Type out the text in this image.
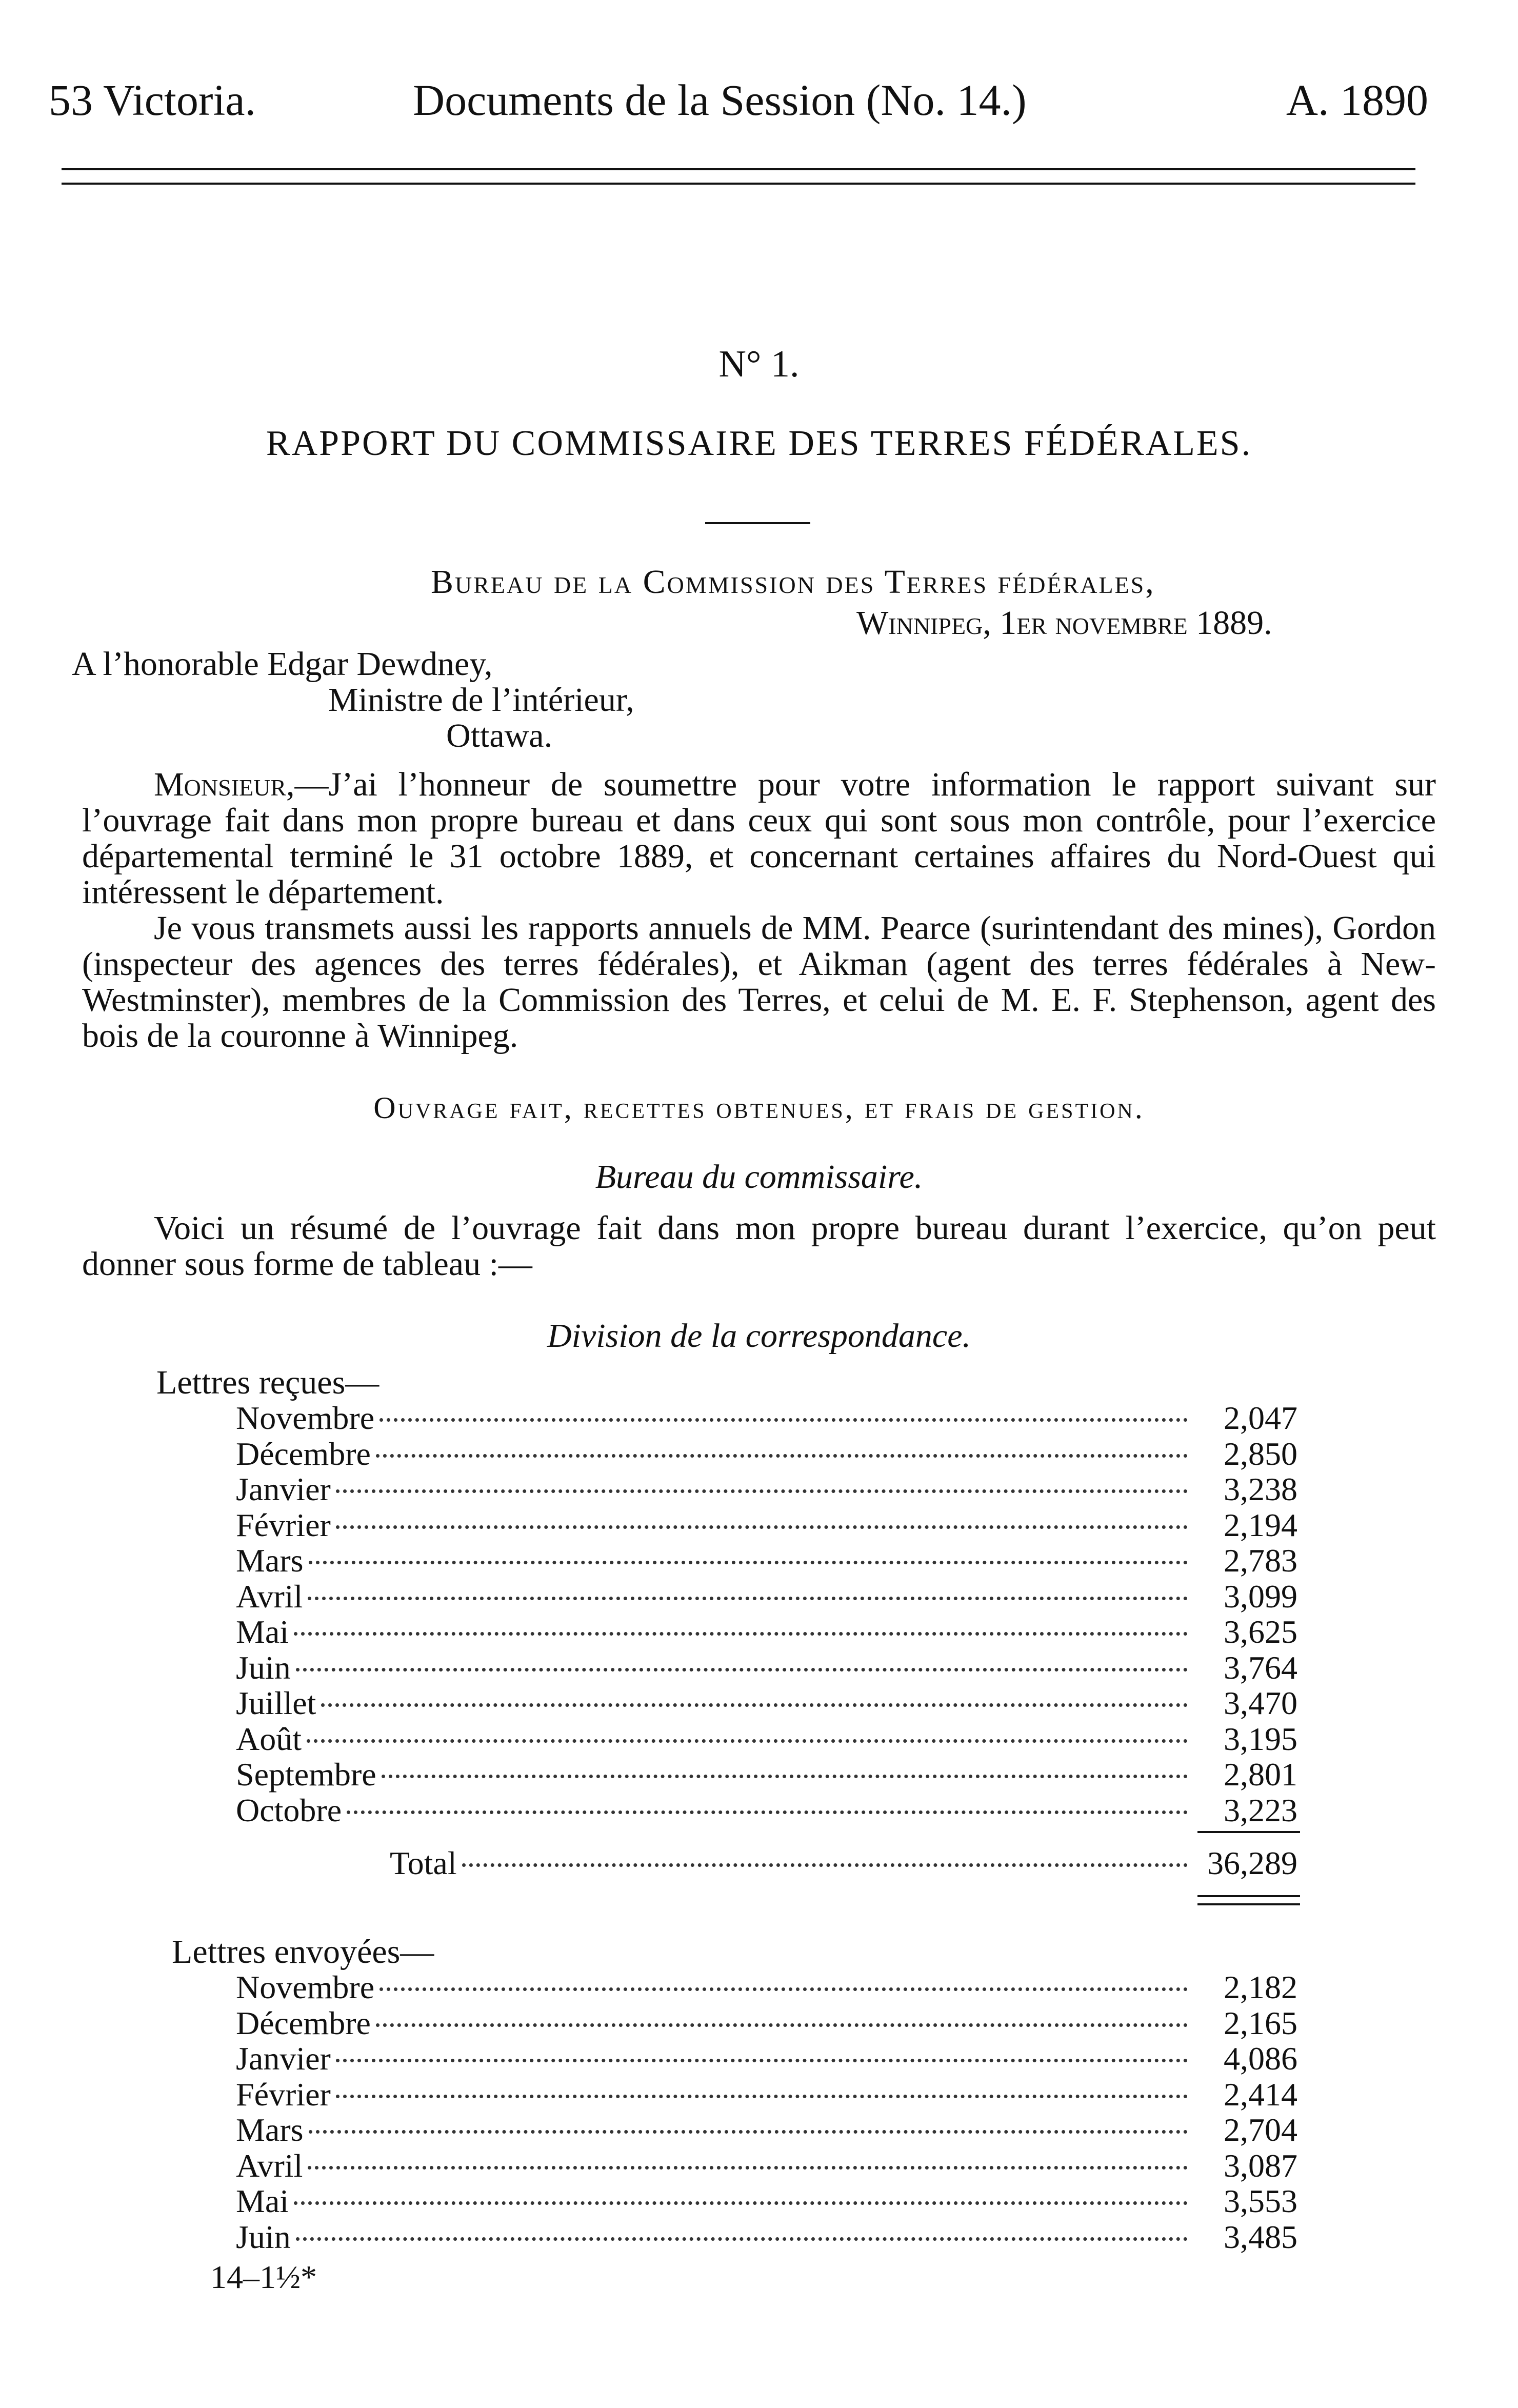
53 Victoria.	Documents de la Session (No. 14.)	A. 1890
N° 1.
RAPPORT DU COMMISSAIRE DES TERRES FÉDÉRALES.
Bureau de la Commission des Terres fédérales,
Winnipeg, 1er novembre 1889.
A l’honorable Edgar Dewdney,
Ministre de l’intérieur,
Ottawa.
Monsieur,—J’ai l’honneur de soumettre pour votre information le rapport suivant sur l’ouvrage fait dans mon propre bureau et dans ceux qui sont sous mon contrôle, pour l’exercice départemental terminé le 31 octobre 1889, et concernant certaines affaires du Nord-Ouest qui intéressent le département.
Je vous transmets aussi les rapports annuels de MM. Pearce (surintendant des mines), Gordon (inspecteur des agences des terres fédérales), et Aikman (agent des terres fédérales à New-Westminster), membres de la Commission des Terres, et celui de M. E. F. Stephenson, agent des bois de la couronne à Winnipeg.
Ouvrage fait, recettes obtenues, et frais de gestion.
Bureau du commissaire.
Voici un résumé de l’ouvrage fait dans mon propre bureau durant l’exercice, qu’on peut donner sous forme de tableau :—
Division de la correspondance.
Lettres reçues—
Novembre	2,047
Décembre	2,850
Janvier	3,238
Février	2,194
Mars	2,783
Avril	3,099
Mai	3,625
Juin	3,764
Juillet	3,470
Août	3,195
Septembre	2,801
Octobre	3,223
Total	36,289
Lettres envoyées—
Novembre	2,182
Décembre	2,165
Janvier	4,086
Février	2,414
Mars	2,704
Avril	3,087
Mai	3,553
Juin	3,485
14–1½*
